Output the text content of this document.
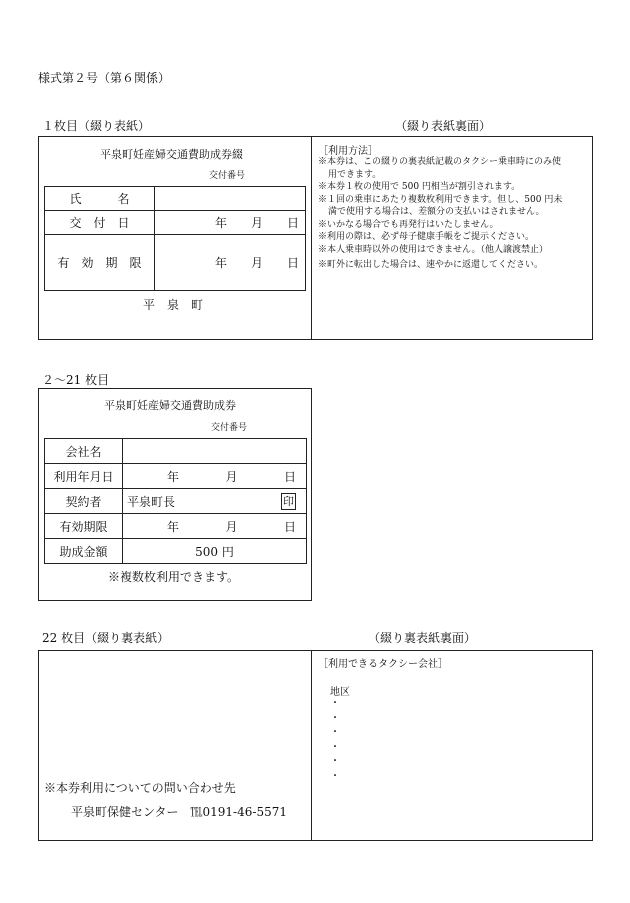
様式第２号（第６関係）
１枚目（綴り表紙）	（綴り表紙裏面）
平泉町妊産婦交通費助成券綴
交付番号
氏　　　名	
交　付　日	年 月 日

有　効　期　限	年 月 日
平　泉　町
［利用方法］
※本券は、この綴りの裏表紙記載のタクシー乗車時にのみ使
用できます。
※本券１枚の使用で 500 円相当が割引されます。
※１回の乗車にあたり複数枚利用できます。但し、500 円未
満で使用する場合は、差額分の支払いはされません。
※いかなる場合でも再発行はいたしません。
※利用の際は、必ず母子健康手帳をご提示ください。
※本人乗車時以外の使用はできません。（他人譲渡禁止）
※町外に転出した場合は、速やかに返還してください。
２～21 枚目
平泉町妊産婦交通費助成券
交付番号
会社名	
利用年月日	年 月 日

契約者	平泉町長 印

有効期限	年 月 日

助成金額	500 円
※複数枚利用できます。
22 枚目（綴り裏表紙）	（綴り裏表紙裏面）
※本券利用についての問い合わせ先
平泉町保健センター　℡0191-46-5571
［利用できるタクシー会社］
地区
・
・
・
・
・
・
